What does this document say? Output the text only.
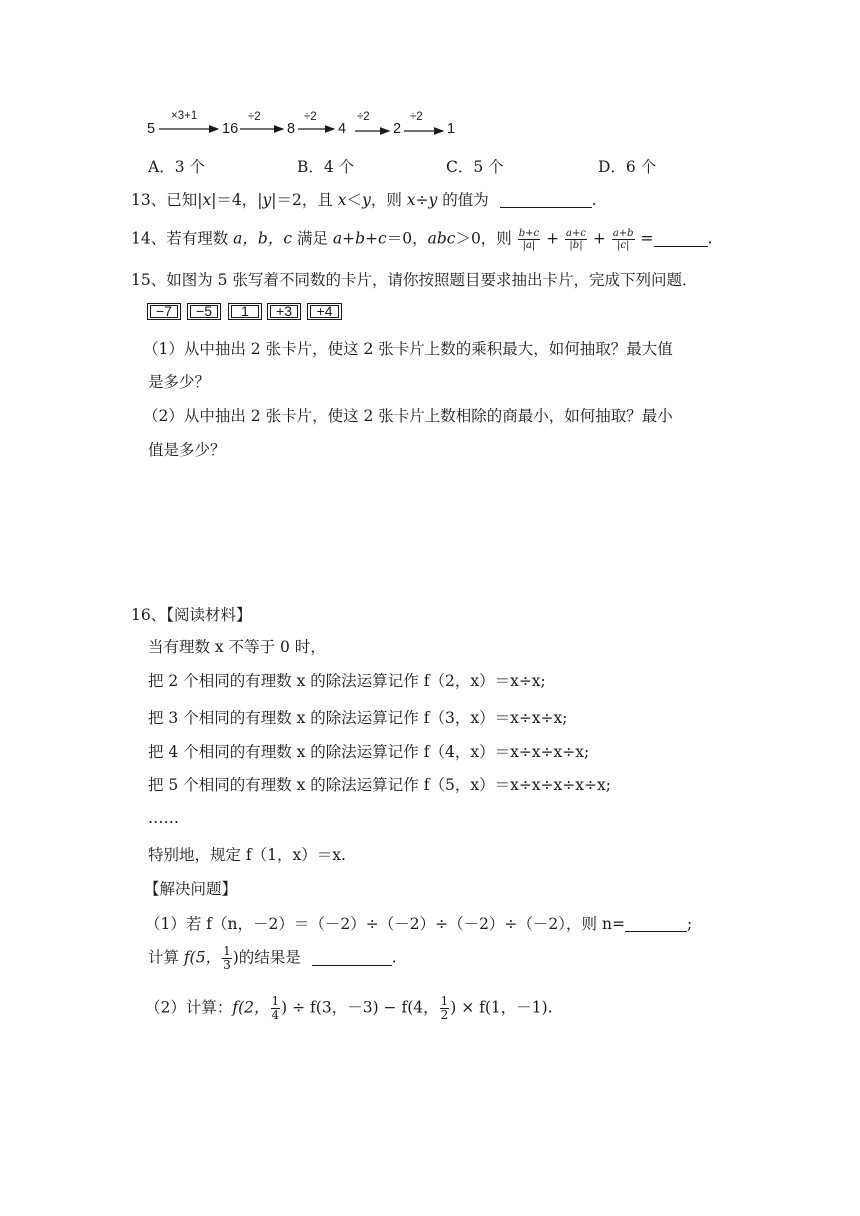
5	16	8	4	2	1
×3+1	÷2	÷2	÷2	÷2
A．3 个	B．4 个	C．5 个	D．6 个
13、已知|x|＝4，|y|＝2，且 x＜y，则 x÷y 的值为	.
14、若有理数 a，b，c 满足 a+b+c＝0，abc＞0，则 $\frac{b+c}{|a|} + \frac{a+c}{|b|} + \frac{a+b}{|c|}$ =	.
15、如图为 5 张写着不同数的卡片，请你按照题目要求抽出卡片，完成下列问题．
−7	−5	1	+3	+4
（1）从中抽出 2 张卡片，使这 2 张卡片上数的乘积最大，如何抽取？最大值
是多少？
（2）从中抽出 2 张卡片，使这 2 张卡片上数相除的商最小，如何抽取？最小
值是多少？
16、【阅读材料】
当有理数 x 不等于 0 时，
把 2 个相同的有理数 x 的除法运算记作 f（2，x）＝x÷x;
把 3 个相同的有理数 x 的除法运算记作 f（3，x）＝x÷x÷x;
把 4 个相同的有理数 x 的除法运算记作 f（4，x）＝x÷x÷x÷x;
把 5 个相同的有理数 x 的除法运算记作 f（5，x）＝x÷x÷x÷x÷x;
……
特别地，规定 f（1，x）＝x.
【解决问题】
（1）若 f（n，－2）＝（－2）÷（－2）÷（－2）÷（－2），则 n=	;
计算 f(5， $\frac{1}{3}$ )的结果是	.
（2）计算：f(2， $\frac{1}{4}$ ) ÷ f(3，－3) − f(4， $\frac{1}{2}$ ) × f(1，－1).
